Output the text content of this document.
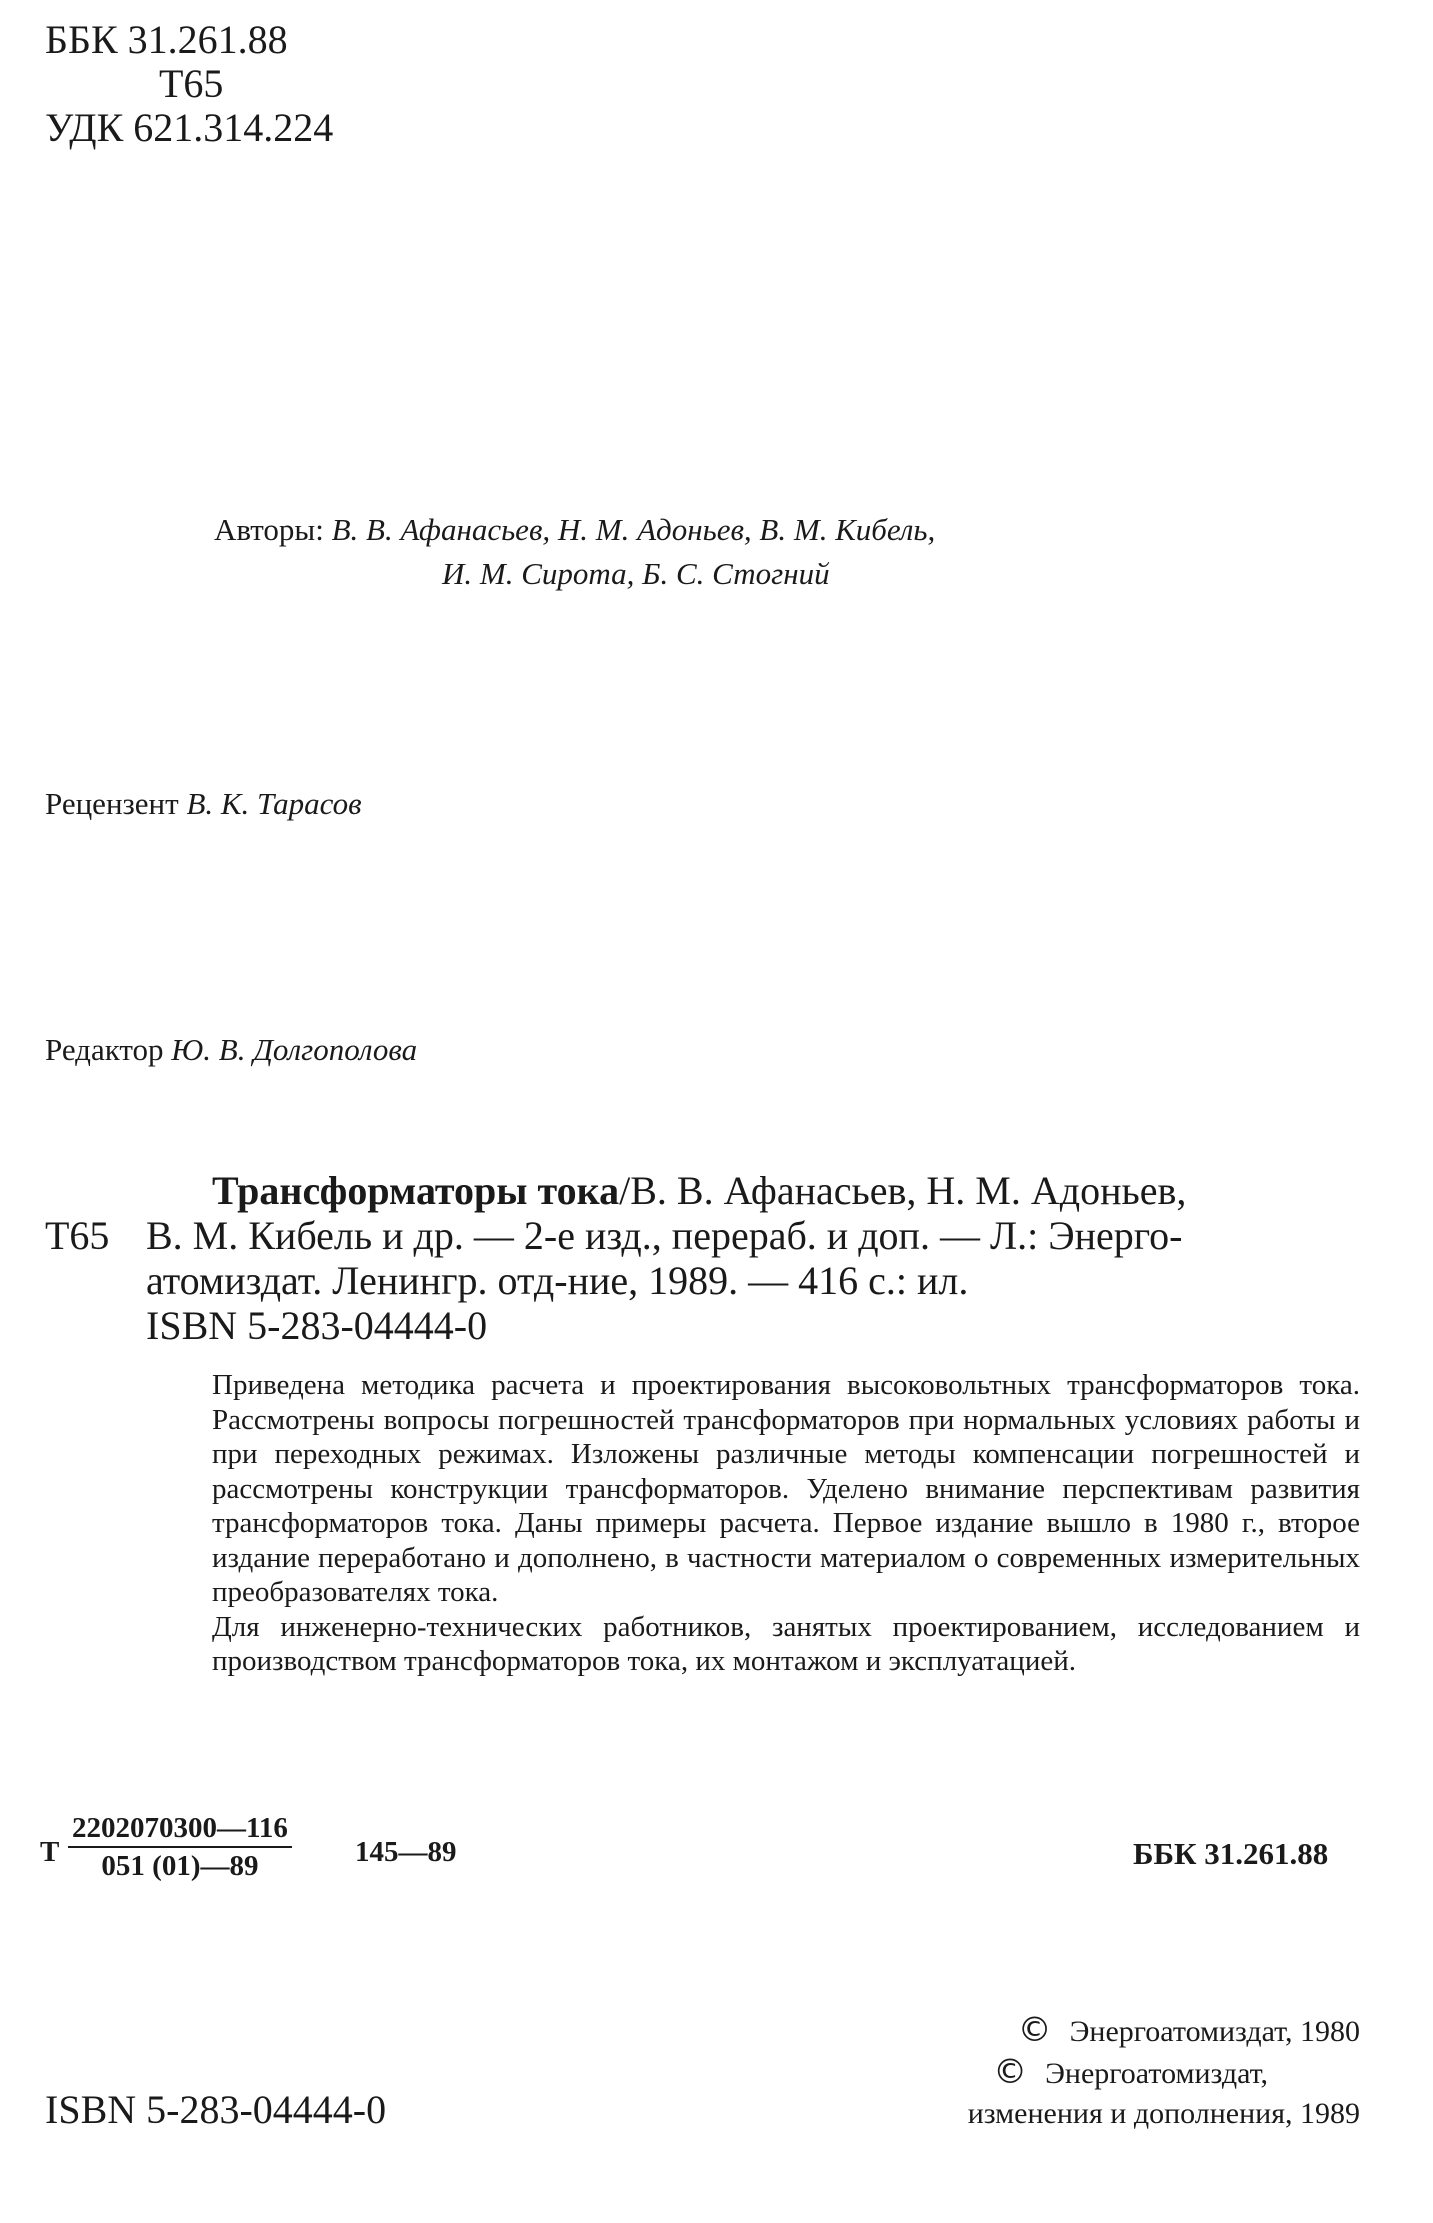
ББК 31.261.88
Т65
УДК 621.314.224
Авторы: В. В. Афанасьев, Н. М. Адоньев, В. М. Кибель,
И. М. Сирота, Б. С. Стогний
Рецензент В. К. Тарасов
Редактор Ю. В. Долгополова
Трансформаторы тока/В. В. Афанасьев, Н. М. Адоньев,
Т65 В. М. Кибель и др. — 2-е изд., перераб. и доп. — Л.: Энерго-
атомиздат. Ленингр. отд-ние, 1989. — 416 с.: ил.
ISBN 5-283-04444-0

Приведена методика расчета и проектирования высоковольтных трансформаторов тока. Рассмотрены вопросы погрешностей трансформаторов при нормальных условиях работы и при переходных режимах. Изложены различные методы компенсации погрешностей и рассмотрены конструкции трансформаторов. Уделено внимание перспективам развития трансформаторов тока. Даны примеры расчета. Первое издание вышло в 1980 г., второе издание переработано и дополнено, в частности материалом о современных измерительных преобразователях тока.

Для инженерно-технических работников, занятых проектированием, исследованием и производством трансформаторов тока, их монтажом и эксплуатацией.

Т $\frac{2202070300—116}{051 (01)—89}$ 145—89	ББК 31.261.88
© Энергоатомиздат, 1980
© Энергоатомиздат,
изменения и дополнения, 1989
ISBN 5-283-04444-0
